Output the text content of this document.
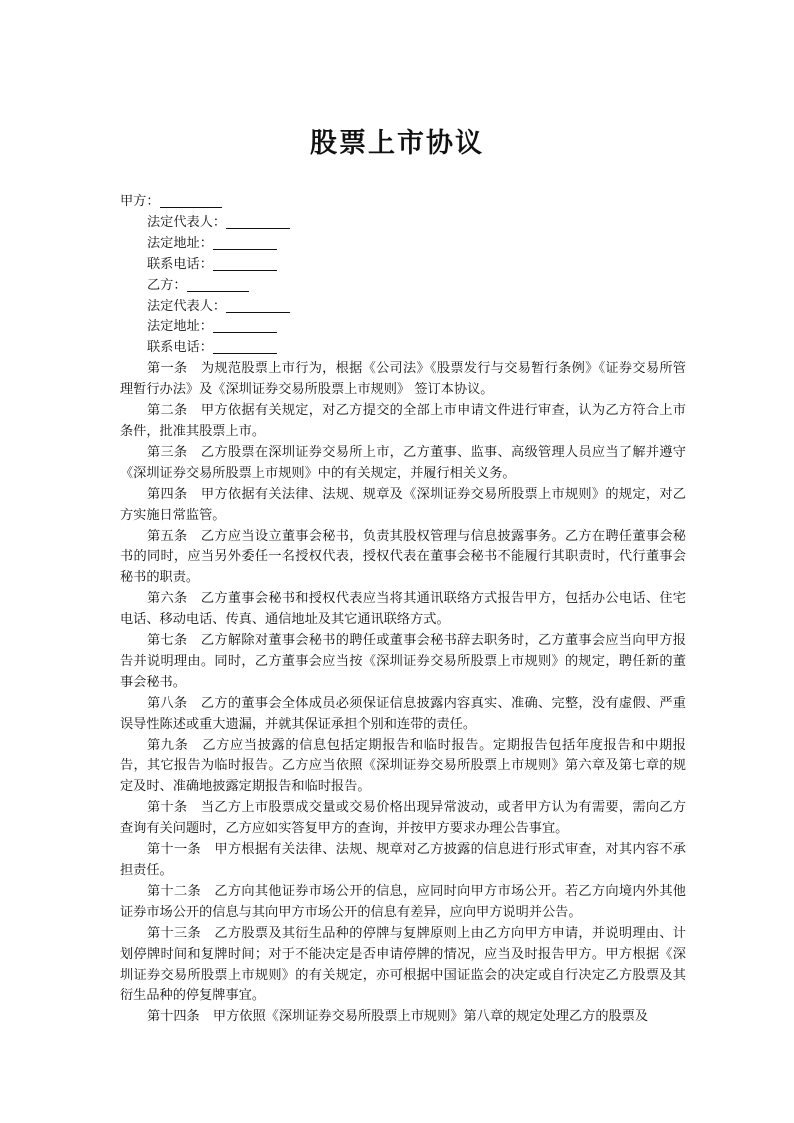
股票上市协议
甲方：
法定代表人：
法定地址：
联系电话：
乙方：
法定代表人：
法定地址：
联系电话：
第一条　为规范股票上市行为，根据《公司法》《股票发行与交易暂行条例》《证券交易所管理暂行办法》及《深圳证券交易所股票上市规则》 签订本协议。
第二条　甲方依据有关规定，对乙方提交的全部上市申请文件进行审查，认为乙方符合上市条件，批准其股票上市。
第三条　乙方股票在深圳证券交易所上市，乙方董事、监事、高级管理人员应当了解并遵守《深圳证券交易所股票上市规则》中的有关规定，并履行相关义务。
第四条　甲方依据有关法律、法规、规章及《深圳证券交易所股票上市规则》的规定，对乙方实施日常监管。
第五条　乙方应当设立董事会秘书，负责其股权管理与信息披露事务。乙方在聘任董事会秘书的同时，应当另外委任一名授权代表，授权代表在董事会秘书不能履行其职责时，代行董事会秘书的职责。
第六条　乙方董事会秘书和授权代表应当将其通讯联络方式报告甲方，包括办公电话、住宅电话、移动电话、传真、通信地址及其它通讯联络方式。
第七条　乙方解除对董事会秘书的聘任或董事会秘书辞去职务时，乙方董事会应当向甲方报告并说明理由。同时，乙方董事会应当按《深圳证券交易所股票上市规则》的规定，聘任新的董事会秘书。
第八条　乙方的董事会全体成员必须保证信息披露内容真实、准确、完整，没有虚假、严重误导性陈述或重大遗漏，并就其保证承担个别和连带的责任。
第九条　乙方应当披露的信息包括定期报告和临时报告。定期报告包括年度报告和中期报告，其它报告为临时报告。乙方应当依照《深圳证券交易所股票上市规则》第六章及第七章的规定及时、准确地披露定期报告和临时报告。
第十条　当乙方上市股票成交量或交易价格出现异常波动，或者甲方认为有需要，需向乙方查询有关问题时，乙方应如实答复甲方的查询，并按甲方要求办理公告事宜。
第十一条　甲方根据有关法律、法规、规章对乙方披露的信息进行形式审查，对其内容不承担责任。
第十二条　乙方向其他证券市场公开的信息，应同时向甲方市场公开。若乙方向境内外其他证券市场公开的信息与其向甲方市场公开的信息有差异，应向甲方说明并公告。
第十三条　乙方股票及其衍生品种的停牌与复牌原则上由乙方向甲方申请，并说明理由、计划停牌时间和复牌时间；对于不能决定是否申请停牌的情况，应当及时报告甲方。甲方根据《深圳证券交易所股票上市规则》的有关规定，亦可根据中国证监会的决定或自行决定乙方股票及其衍生品种的停复牌事宜。
第十四条　甲方依照《深圳证券交易所股票上市规则》第八章的规定处理乙方的股票及
